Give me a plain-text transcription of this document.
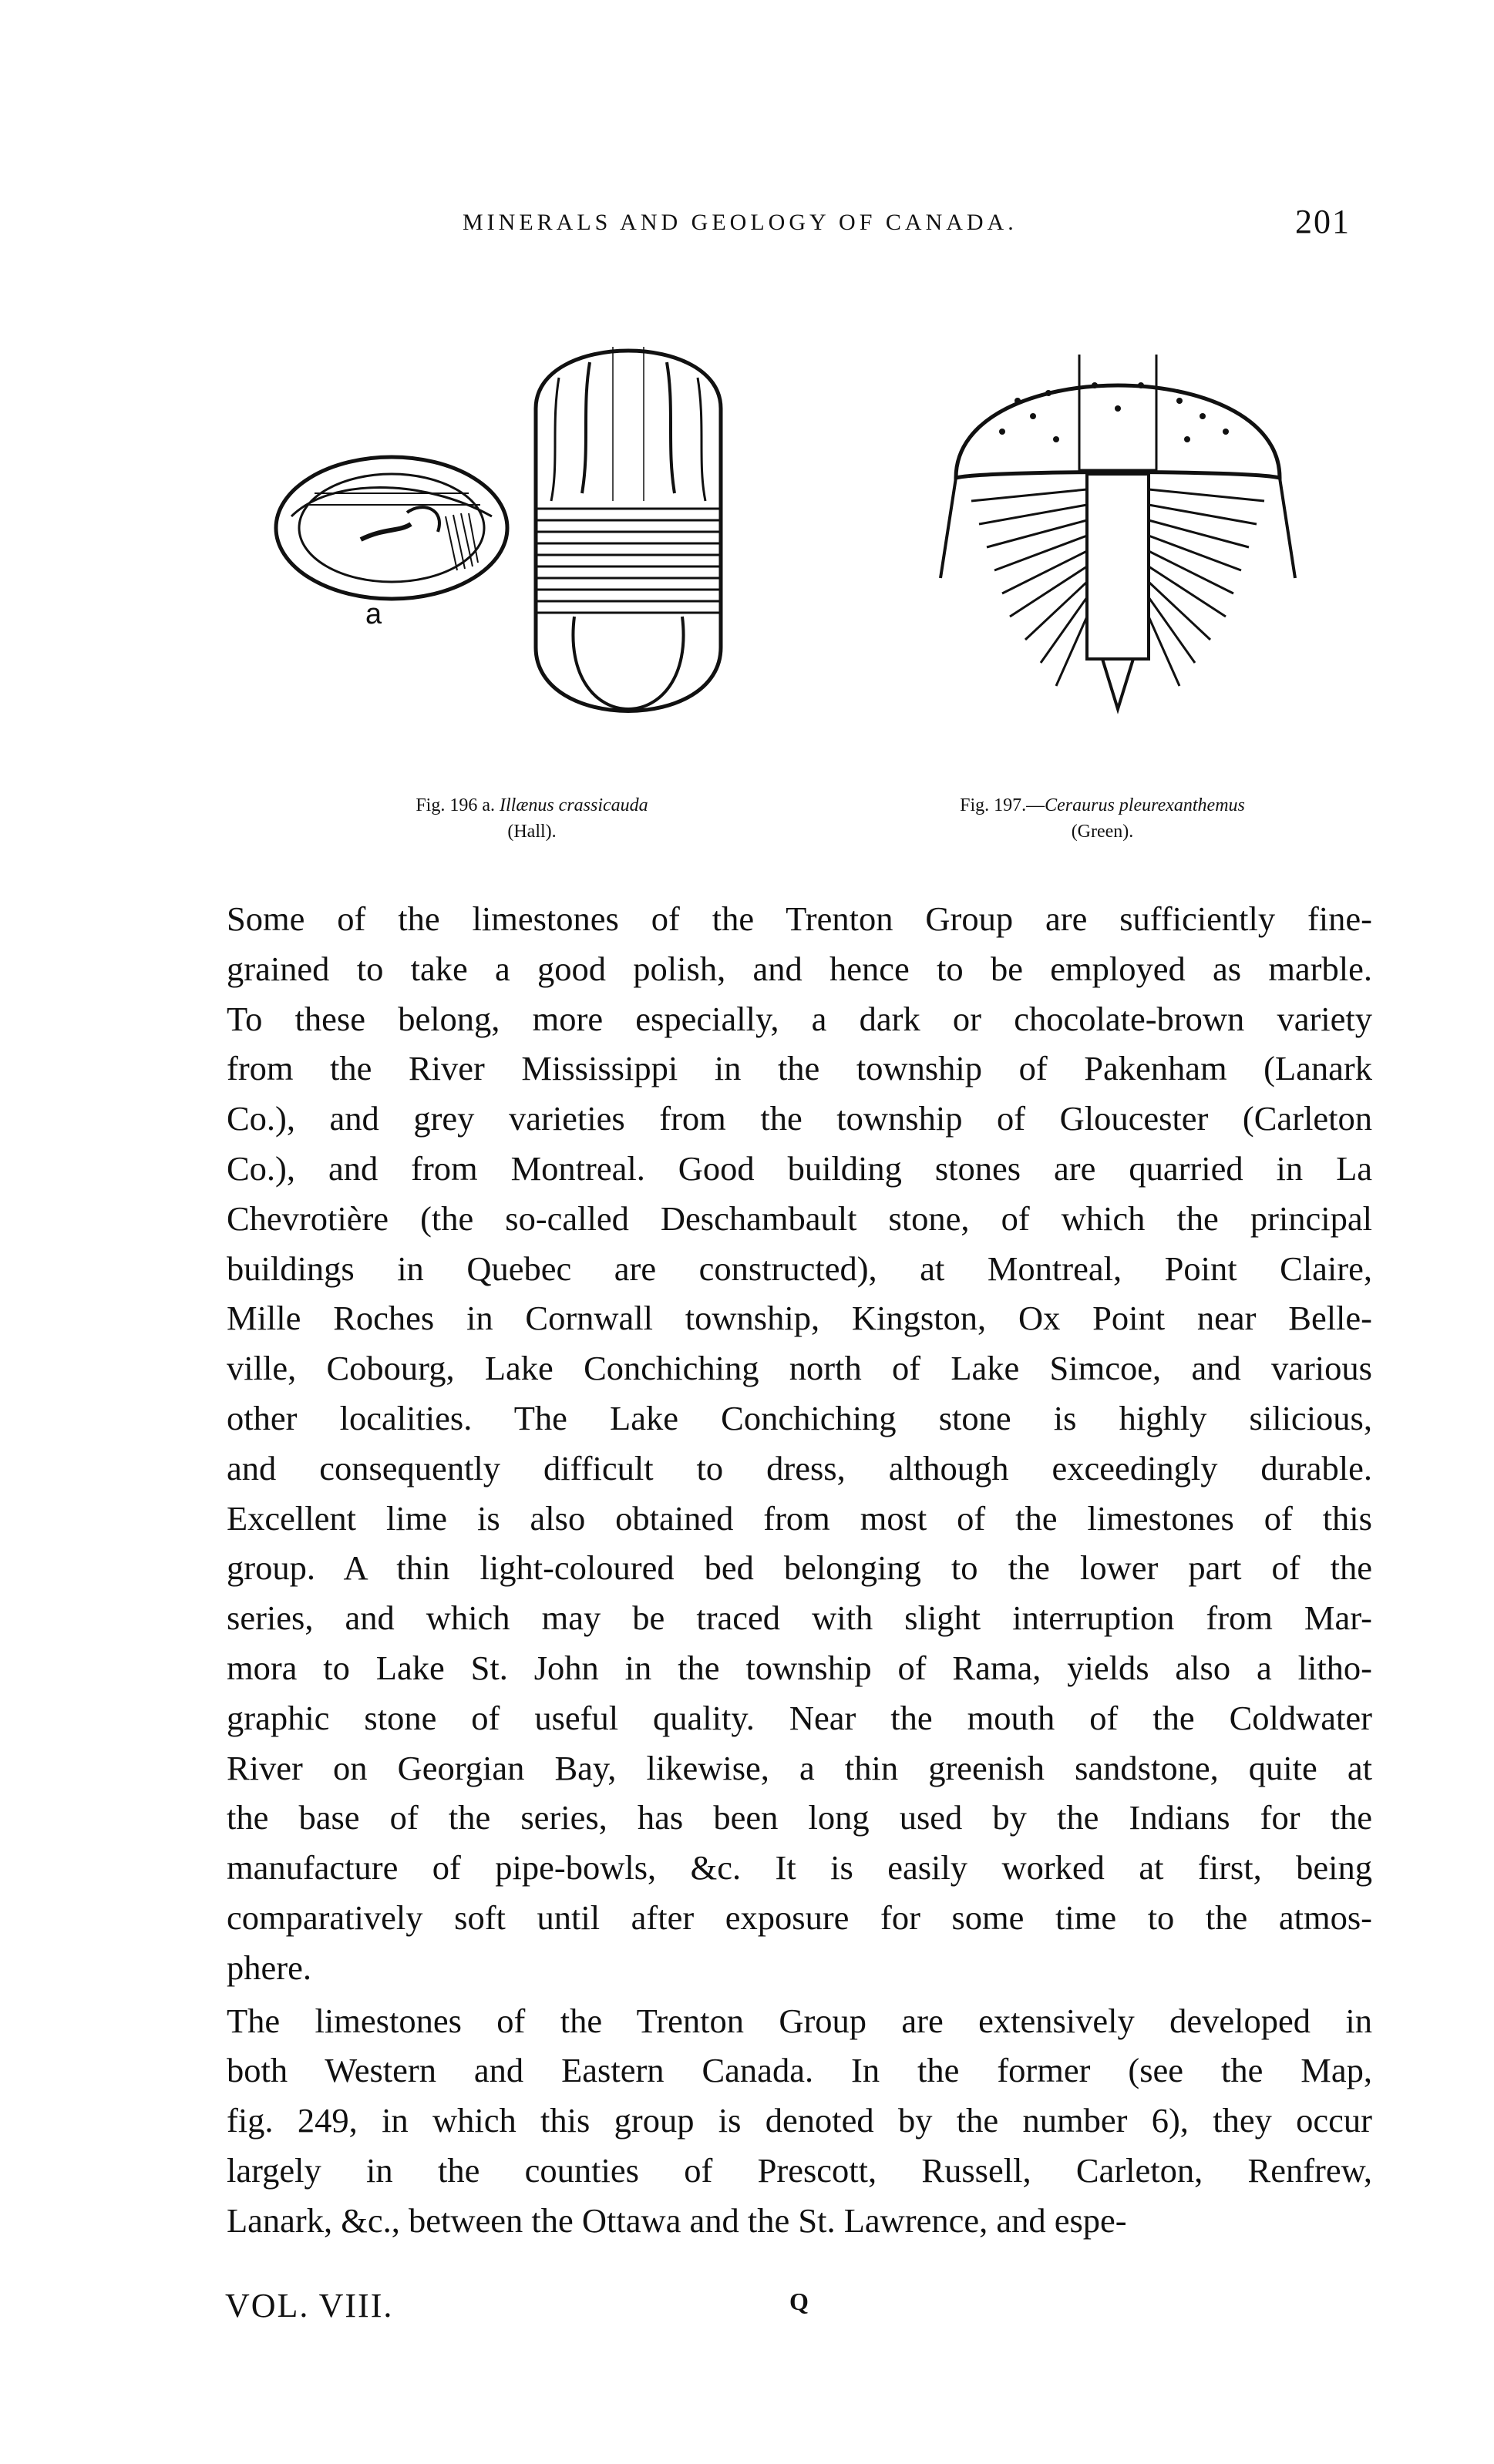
MINERALS AND GEOLOGY OF CANADA.	201
a
Fig. 196 a. Illænus crassicauda
(Hall).
Fig. 197.—Ceraurus pleurexanthemus
(Green).

Some of the limestones of the Trenton Group are sufficiently fine-
grained to take a good polish, and hence to be employed as marble.
To these belong, more especially, a dark or chocolate-brown variety
from the River Mississippi in the township of Pakenham (Lanark
Co.), and grey varieties from the township of Gloucester (Carleton
Co.), and from Montreal. Good building stones are quarried in La
Chevrotière (the so-called Deschambault stone, of which the principal
buildings in Quebec are constructed), at Montreal, Point Claire,
Mille Roches in Cornwall township, Kingston, Ox Point near Belle-
ville, Cobourg, Lake Conchiching north of Lake Simcoe, and various
other localities. The Lake Conchiching stone is highly silicious,
and consequently difficult to dress, although exceedingly durable.
Excellent lime is also obtained from most of the limestones of this
group. A thin light-coloured bed belonging to the lower part of the
series, and which may be traced with slight interruption from Mar-
mora to Lake St. John in the township of Rama, yields also a litho-
graphic stone of useful quality. Near the mouth of the Coldwater
River on Georgian Bay, likewise, a thin greenish sandstone, quite at
the base of the series, has been long used by the Indians for the
manufacture of pipe-bowls, &c. It is easily worked at first, being
comparatively soft until after exposure for some time to the atmos-
phere.

The limestones of the Trenton Group are extensively developed in
both Western and Eastern Canada. In the former (see the Map,
fig. 249, in which this group is denoted by the number 6), they occur
largely in the counties of Prescott, Russell, Carleton, Renfrew,
Lanark, &c., between the Ottawa and the St. Lawrence, and espe-

VOL. VIII.	Q
